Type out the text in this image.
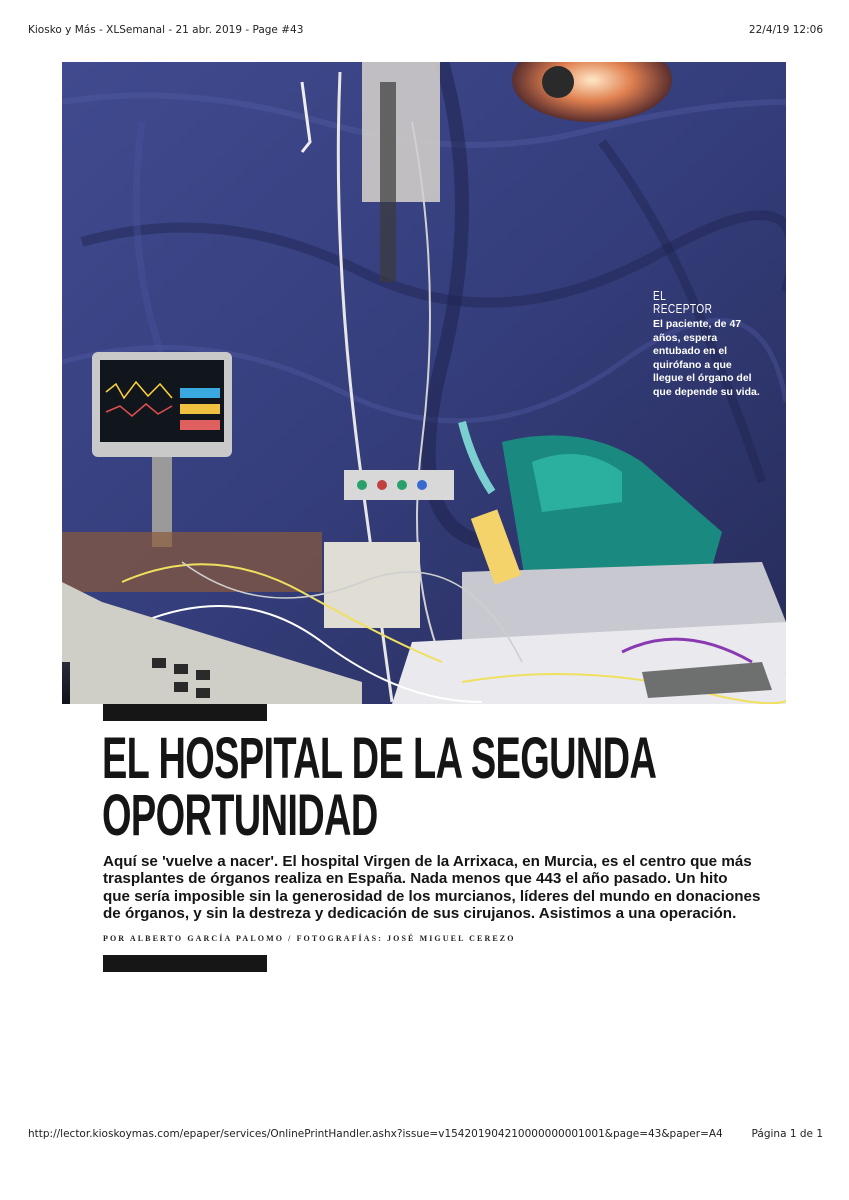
Kiosko y Más - XLSemanal - 21 abr. 2019 - Page #43	22/4/19 12:06
EL
RECEPTOR
El paciente, de 47 años, espera entubado en el quirófano a que llegue el órgano del que depende su vida.
EL HOSPITAL DE LA SEGUNDA
OPORTUNIDAD

Aquí se 'vuelve a nacer'. El hospital Virgen de la Arrixaca, en Murcia, es el centro que más
trasplantes de órganos realiza en España. Nada menos que 443 el año pasado. Un hito
que sería imposible sin la generosidad de los murcianos, líderes del mundo en donaciones
de órganos, y sin la destreza y dedicación de sus cirujanos. Asistimos a una operación.

POR ALBERTO GARCÍA PALOMO / FOTOGRAFÍAS: JOSÉ MIGUEL CEREZO
http://lector.kioskoymas.com/epaper/services/OnlinePrintHandler.ashx?issue=v154201904210000000001001&page=43&paper=A4	Página 1 de 1
